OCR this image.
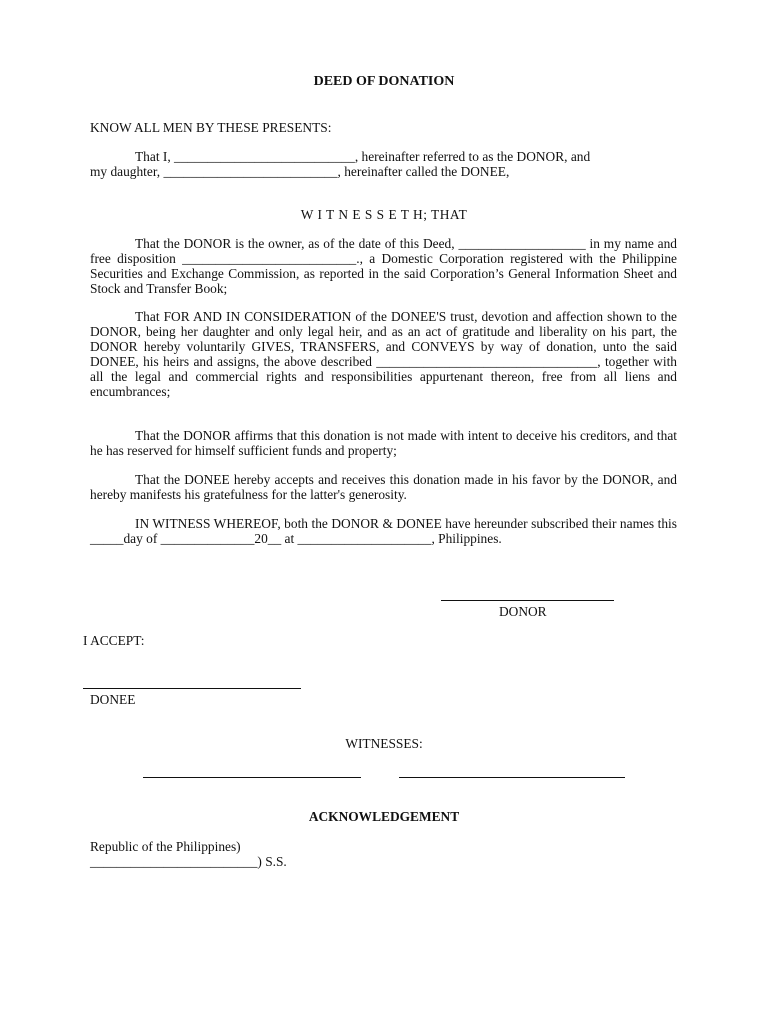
DEED OF DONATION
KNOW ALL MEN BY THESE PRESENTS:
That I, ___________________________, hereinafter referred to as the DONOR, and
my daughter, __________________________, hereinafter called the DONEE,
W I T N E S S E T H; THAT
That the DONOR is the owner, as of the date of this Deed, ___________________ in my name and free disposition __________________________., a Domestic Corporation registered with the Philippine Securities and Exchange Commission, as reported in the said Corporation’s General Information Sheet and Stock and Transfer Book;
That FOR AND IN CONSIDERATION of the DONEE'S trust, devotion and affection shown to the DONOR, being her daughter and only legal heir, and as an act of gratitude and liberality on his part, the DONOR hereby voluntarily GIVES, TRANSFERS, and CONVEYS by way of donation, unto the said DONEE, his heirs and assigns, the above described _________________________________, together with all the legal and commercial rights and responsibilities appurtenant thereon, free from all liens and encumbrances;
That the DONOR affirms that this donation is not made with intent to deceive his creditors, and that he has reserved for himself sufficient funds and property;
That the DONEE hereby accepts and receives this donation made in his favor by the DONOR, and hereby manifests his gratefulness for the latter's generosity.
IN WITNESS WHEREOF, both the DONOR & DONEE have hereunder subscribed their names this _____day of ______________20__ at ____________________, Philippines.
DONOR
I ACCEPT:
DONEE
WITNESSES:
ACKNOWLEDGEMENT
Republic of the Philippines)
_________________________) S.S.
